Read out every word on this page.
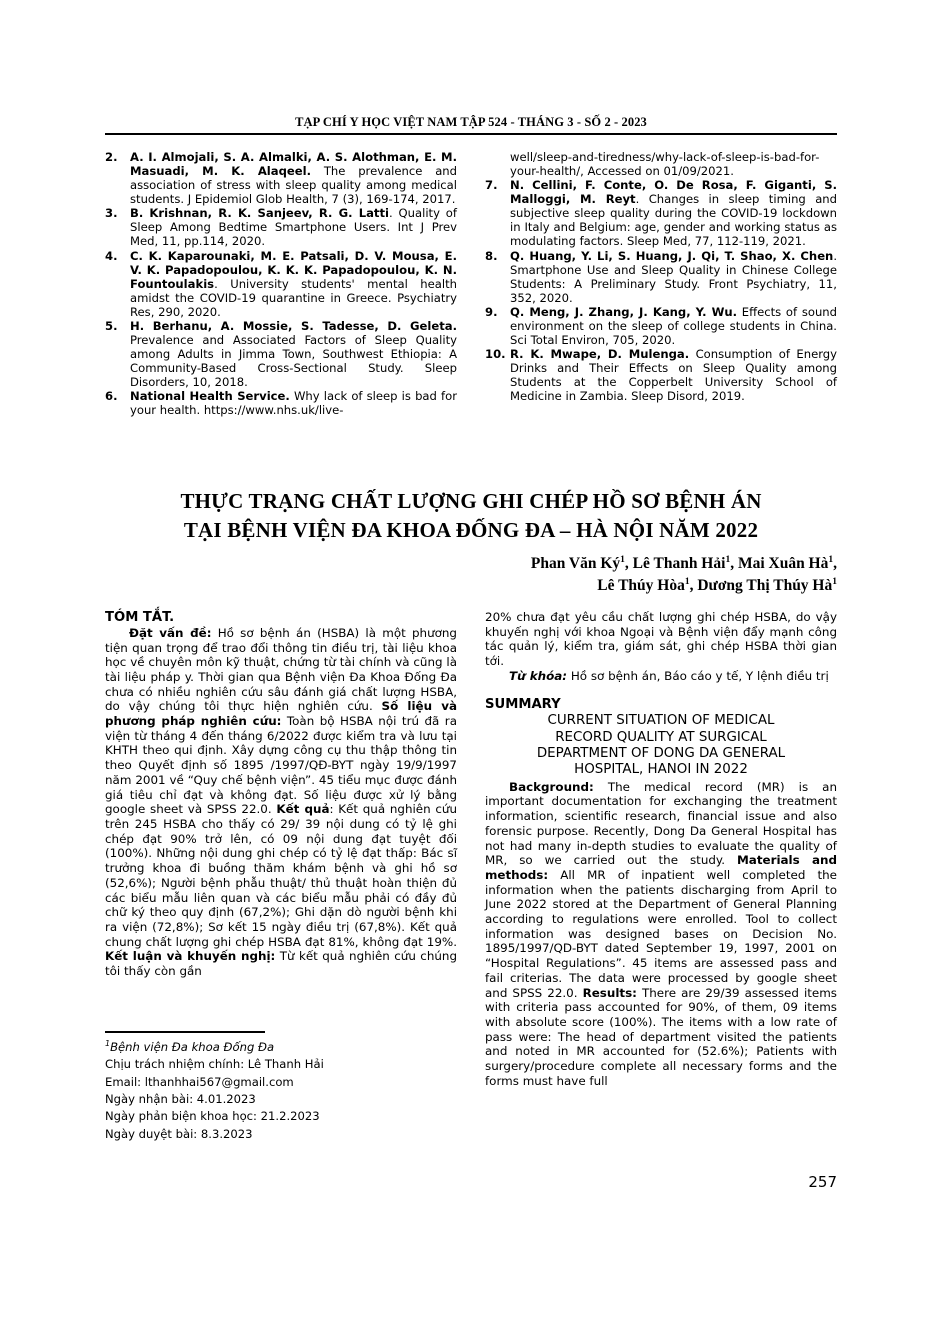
TẠP CHÍ Y HỌC VIỆT NAM TẬP 524 - THÁNG 3 - SỐ 2 - 2023
2.	A. I. Almojali, S. A. Almalki, A. S. Alothman, E. M. Masuadi, M. K. Alaqeel. The prevalence and association of stress with sleep quality among medical students. J Epidemiol Glob Health, 7 (3), 169-174, 2017.
3.	B. Krishnan, R. K. Sanjeev, R. G. Latti. Quality of Sleep Among Bedtime Smartphone Users. Int J Prev Med, 11, pp.114, 2020.
4.	C. K. Kaparounaki, M. E. Patsali, D. V. Mousa, E. V. K. Papadopoulou, K. K. K. Papadopoulou, K. N. Fountoulakis. University students' mental health amidst the COVID-19 quarantine in Greece. Psychiatry Res, 290, 2020.
5.	H. Berhanu, A. Mossie, S. Tadesse, D. Geleta. Prevalence and Associated Factors of Sleep Quality among Adults in Jimma Town, Southwest Ethiopia: A Community-Based Cross-Sectional Study. Sleep Disorders, 10, 2018.
6.	National Health Service. Why lack of sleep is bad for your health. https://www.nhs.uk/live-
well/sleep-and-tiredness/why-lack-of-sleep-is-bad-for-your-health/, Accessed on 01/09/2021.
7.	N. Cellini, F. Conte, O. De Rosa, F. Giganti, S. Malloggi, M. Reyt. Changes in sleep timing and subjective sleep quality during the COVID-19 lockdown in Italy and Belgium: age, gender and working status as modulating factors. Sleep Med, 77, 112-119, 2021.
8.	Q. Huang, Y. Li, S. Huang, J. Qi, T. Shao, X. Chen. Smartphone Use and Sleep Quality in Chinese College Students: A Preliminary Study. Front Psychiatry, 11, 352, 2020.
9.	Q. Meng, J. Zhang, J. Kang, Y. Wu. Effects of sound environment on the sleep of college students in China. Sci Total Environ, 705, 2020.
10. R. K. Mwape, D. Mulenga. Consumption of Energy Drinks and Their Effects on Sleep Quality among Students at the Copperbelt University School of Medicine in Zambia. Sleep Disord, 2019.
THỰC TRẠNG CHẤT LƯỢNG GHI CHÉP HỒ SƠ BỆNH ÁN
TẠI BỆNH VIỆN ĐA KHOA ĐỐNG ĐA – HÀ NỘI NĂM 2022
Phan Văn $Ký^1$, Lê Thanh Hải$^1$, Mai Xuân $Hà^1$,
Lê Thúy Hòa$^1$, Dương Thị Thúy $Hà^1$
TÓM TẮT.
Đặt vấn đề: Hồ sơ bệnh án (HSBA) là một phương tiện quan trọng để trao đổi thông tin điều trị, tài liệu khoa học về chuyên môn kỹ thuật, chứng từ tài chính và cũng là tài liệu pháp y. Thời gian qua Bệnh viện Đa Khoa Đống Đa chưa có nhiều nghiên cứu sâu đánh giá chất lượng HSBA, do vậy chúng tôi thực hiện nghiên cứu. Số liệu và phương pháp nghiên cứu: Toàn bộ HSBA nội trú đã ra viện từ tháng 4 đến tháng 6/2022 được kiểm tra và lưu tại KHTH theo qui định. Xây dựng công cụ thu thập thông tin theo Quyết định số 1895 /1997/QĐ-BYT ngày 19/9/1997 năm 2001 về “Quy chế bệnh viện”. 45 tiểu mục được đánh giá tiêu chỉ đạt và không đạt. Số liệu được xử lý bằng google sheet và SPSS 22.0. Kết quả: Kết quả nghiên cứu trên 245 HSBA cho thấy có 29/ 39 nội dung có tỷ lệ ghi chép đạt 90% trở lên, có 09 nội dung đạt tuyệt đối (100%). Những nội dung ghi chép có tỷ lệ đạt thấp: Bác sĩ trưởng khoa đi buồng thăm khám bệnh và ghi hồ sơ (52,6%); Người bệnh phẫu thuật/ thủ thuật hoàn thiện đủ các biểu mẫu liên quan và các biểu mẫu phải có đầy đủ chữ ký theo quy định (67,2%); Ghi dặn dò người bệnh khi ra viện (72,8%); Sơ kết 15 ngày điều trị (67,8%). Kết quả chung chất lượng ghi chép HSBA đạt 81%, không đạt 19%. Kết luận và khuyến nghị: Từ kết quả nghiên cứu chúng tôi thấy còn gần
20% chưa đạt yêu cầu chất lượng ghi chép HSBA, do vậy khuyến nghị với khoa Ngoại và Bệnh viện đẩy mạnh công tác quản lý, kiểm tra, giám sát, ghi chép HSBA thời gian tới.
Từ khóa: Hồ sơ bệnh án, Báo cáo y tế, Y lệnh điều trị
SUMMARY
CURRENT SITUATION OF MEDICAL
RECORD QUALITY AT SURGICAL
DEPARTMENT OF DONG DA GENERAL
HOSPITAL, HANOI IN 2022
Background: The medical record (MR) is an important documentation for exchanging the treatment information, scientific research, financial issue and also forensic purpose. Recently, Dong Da General Hospital has not had many in-depth studies to evaluate the quality of MR, so we carried out the study. Materials and methods: All MR of inpatient well completed the information when the patients discharging from April to June 2022 stored at the Department of General Planning according to regulations were enrolled. Tool to collect information was designed bases on Decision No. 1895/1997/QD-BYT dated September 19, 1997, 2001 on “Hospital Regulations”. 45 items are assessed pass and fail criterias. The data were processed by google sheet and SPSS 22.0. Results: There are 29/39 assessed items with criteria pass accounted for 90%, of them, 09 items with absolute score (100%). The items with a low rate of pass were: The head of department visited the patients and noted in MR accounted for (52.6%); Patients with surgery/procedure complete all necessary forms and the forms must have full
$^1$Bệnh viện Đa khoa Đống Đa
Chịu trách nhiệm chính: Lê Thanh Hải
Email: lthanhhai567@gmail.com
Ngày nhận bài: 4.01.2023
Ngày phản biện khoa học: 21.2.2023
Ngày duyệt bài: 8.3.2023
257
